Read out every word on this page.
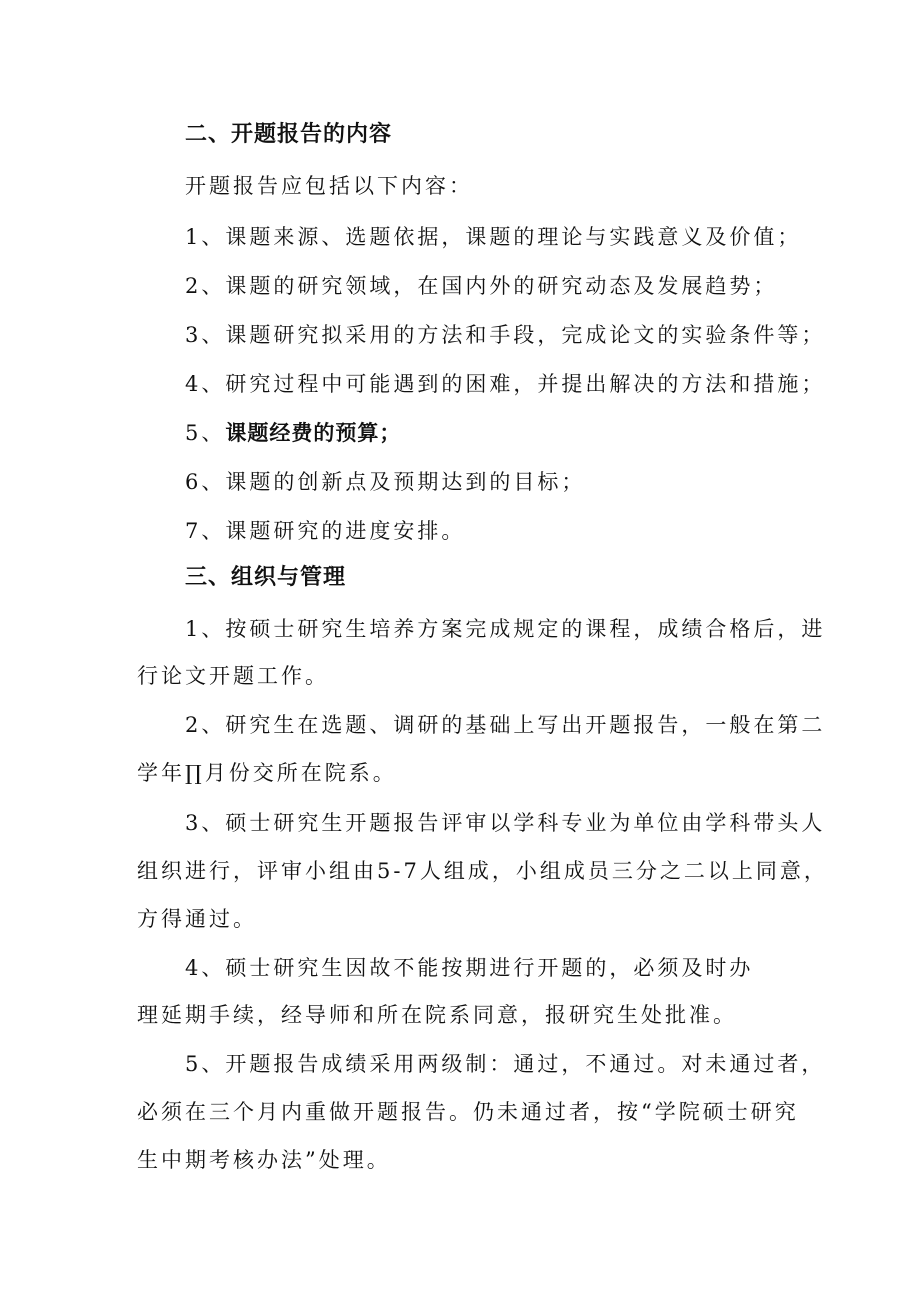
二、开题报告的内容

开题报告应包括以下内容：

1、课题来源、选题依据，课题的理论与实践意义及价值；

2、课题的研究领域，在国内外的研究动态及发展趋势；

3、课题研究拟采用的方法和手段，完成论文的实验条件等；

4、研究过程中可能遇到的困难，并提出解决的方法和措施；

5、课题经费的预算；

6、课题的创新点及预期达到的目标；

7、课题研究的进度安排。

三、组织与管理

1、按硕士研究生培养方案完成规定的课程，成绩合格后，进

行论文开题工作。

2、研究生在选题、调研的基础上写出开题报告，一般在第二

学年∏月份交所在院系。

3、硕士研究生开题报告评审以学科专业为单位由学科带头人

组织进行，评审小组由5-7人组成，小组成员三分之二以上同意，

方得通过。

4、硕士研究生因故不能按期进行开题的，必须及时办

理延期手续，经导师和所在院系同意，报研究生处批准。

5、开题报告成绩采用两级制：通过，不通过。对未通过者，

必须在三个月内重做开题报告。仍未通过者，按“学院硕士研究

生中期考核办法”处理。
